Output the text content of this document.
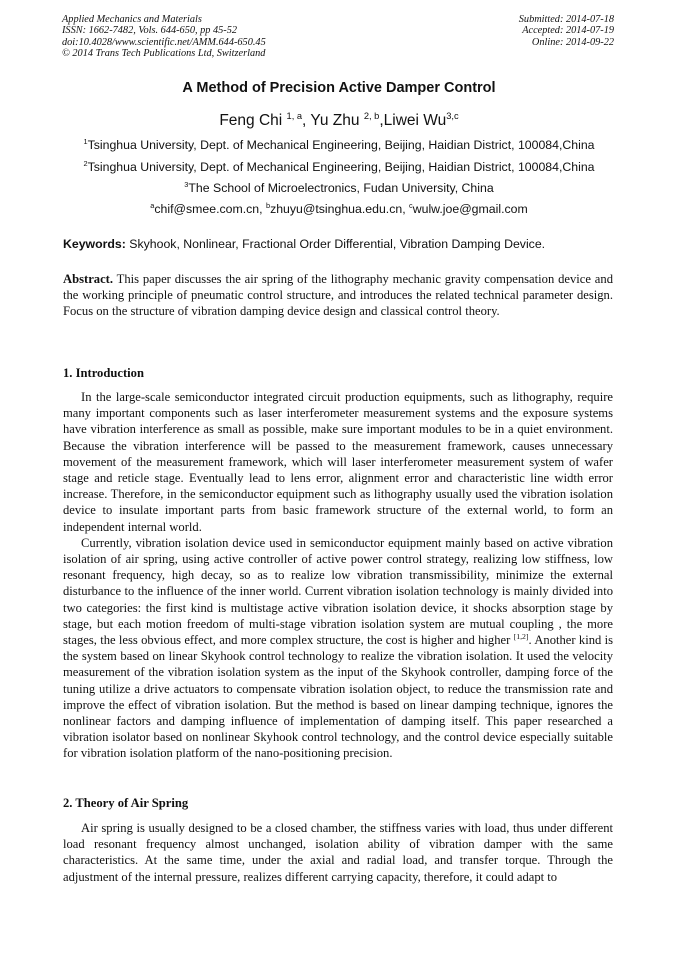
Applied Mechanics and Materials
ISSN: 1662-7482, Vols. 644-650, pp 45-52
doi:10.4028/www.scientific.net/AMM.644-650.45
© 2014 Trans Tech Publications Ltd, Switzerland
Submitted: 2014-07-18
Accepted: 2014-07-19
Online: 2014-09-22
A Method of Precision Active Damper Control
Feng Chi $^{1, a}$, Yu Zhu $^{2, b}$,Liwei Wu$^{3,c}$
$^1$Tsinghua University, Dept. of Mechanical Engineering, Beijing, Haidian District, 100084,China
$^2$Tsinghua University, Dept. of Mechanical Engineering, Beijing, Haidian District, 100084,China
$^3$The School of Microelectronics, Fudan University, China
$^a$chif@smee.com.cn, $^b$zhuyu@tsinghua.edu.cn, $^c$wulw.joe@gmail.com
Keywords: Skyhook, Nonlinear, Fractional Order Differential, Vibration Damping Device.

Abstract. This paper discusses the air spring of the lithography mechanic gravity compensation device and the working principle of pneumatic control structure, and introduces the related technical parameter design. Focus on the structure of vibration damping device design and classical control theory.

1. Introduction

In the large-scale semiconductor integrated circuit production equipments, such as lithography, require many important components such as laser interferometer measurement systems and the exposure systems have vibration interference as small as possible, make sure important modules to be in a quiet environment. Because the vibration interference will be passed to the measurement framework, causes unnecessary movement of the measurement framework, which will laser interferometer measurement system of wafer stage and reticle stage. Eventually lead to lens error, alignment error and characteristic line width error increase. Therefore, in the semiconductor equipment such as lithography usually used the vibration isolation device to insulate important parts from basic framework structure of the external world, to form an independent internal world.

Currently, vibration isolation device used in semiconductor equipment mainly based on active vibration isolation of air spring, using active controller of active power control strategy, realizing low stiffness, low resonant frequency, high decay, so as to realize low vibration transmissibility, minimize the external disturbance to the influence of the inner world. Current vibration isolation technology is mainly divided into two categories: the first kind is multistage active vibration isolation device, it shocks absorption stage by stage, but each motion freedom of multi-stage vibration isolation system are mutual coupling , the more stages, the less obvious effect, and more complex structure, the cost is higher and higher [1,2]. Another kind is the system based on linear Skyhook control technology to realize the vibration isolation. It used the velocity measurement of the vibration isolation system as the input of the Skyhook controller, damping force of the tuning utilize a drive actuators to compensate vibration isolation object, to reduce the transmission rate and improve the effect of vibration isolation. But the method is based on linear damping technique, ignores the nonlinear factors and damping influence of implementation of damping itself. This paper researched a vibration isolator based on nonlinear Skyhook control technology, and the control device especially suitable for vibration isolation platform of the nano-positioning precision.

2. Theory of Air Spring

Air spring is usually designed to be a closed chamber, the stiffness varies with load, thus under different load resonant frequency almost unchanged, isolation ability of vibration damper with the same characteristics. At the same time, under the axial and radial load, and transfer torque. Through the adjustment of the internal pressure, realizes different carrying capacity, therefore, it could adapt to
